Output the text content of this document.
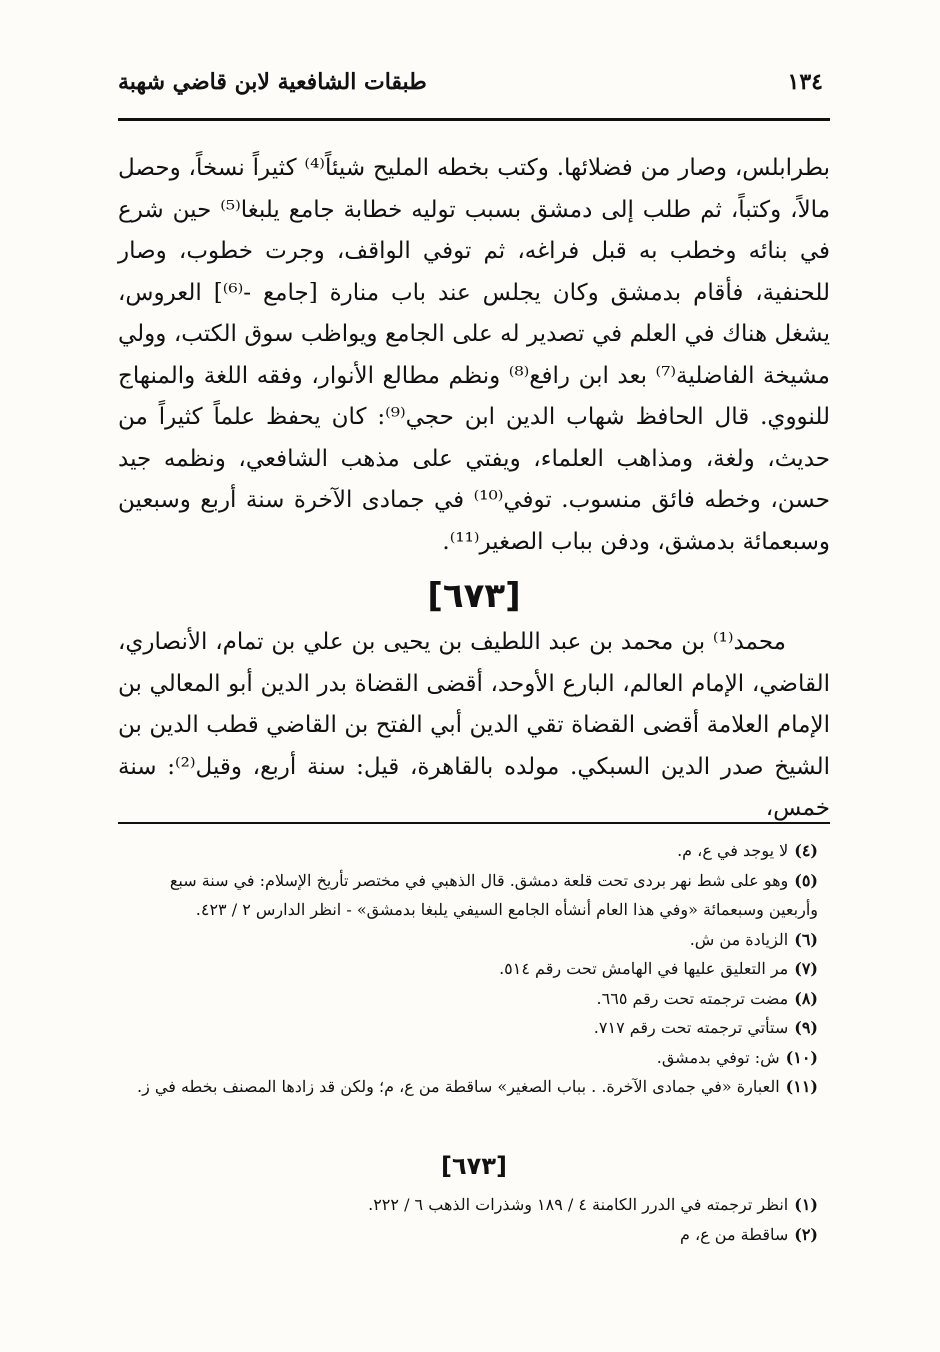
١٣٤
طبقات الشافعية لابن قاضي شهبة

بطرابلس، وصار من فضلائها. وكتب بخطه المليح شيئاً⁽⁴⁾ كثيراً نسخاً، وحصل مالاً، وكتباً، ثم طلب إلى دمشق بسبب توليه خطابة جامع يلبغا⁽⁵⁾ حين شرع في بنائه وخطب به قبل فراغه، ثم توفي الواقف، وجرت خطوب، وصار للحنفية، فأقام بدمشق وكان يجلس عند باب منارة [جامع -⁽⁶⁾] العروس، يشغل هناك في العلم في تصدير له على الجامع ويواظب سوق الكتب، وولي مشيخة الفاضلية⁽⁷⁾ بعد ابن رافع⁽⁸⁾ ونظم مطالع الأنوار، وفقه اللغة والمنهاج للنووي. قال الحافظ شهاب الدين ابن حجي⁽⁹⁾: كان يحفظ علماً كثيراً من حديث، ولغة، ومذاهب العلماء، ويفتي على مذهب الشافعي، ونظمه جيد حسن، وخطه فائق منسوب. توفي⁽¹⁰⁾ في جمادى الآخرة سنة أربع وسبعين وسبعمائة بدمشق، ودفن بباب الصغير⁽¹¹⁾.

[٦٧٣]

محمد⁽¹⁾ بن محمد بن عبد اللطيف بن يحيى بن علي بن تمام، الأنصاري، القاضي، الإمام العالم، البارع الأوحد، أقضى القضاة بدر الدين أبو المعالي بن الإمام العلامة أقضى القضاة تقي الدين أبي الفتح بن القاضي قطب الدين بن الشيخ صدر الدين السبكي. مولده بالقاهرة، قيل: سنة أربع، وقيل⁽²⁾: سنة خمس،

(٤)لا يوجد في ع، م.

(٥)وهو على شط نهر بردى تحت قلعة دمشق. قال الذهبي في مختصر تأريخ الإسلام: في سنة سبع وأربعين وسبعمائة «وفي هذا العام أنشأه الجامع السيفي يلبغا بدمشق» - انظر الدارس ٢ / ٤٢٣.

(٦)الزيادة من ش.

(٧)مر التعليق عليها في الهامش تحت رقم ٥١٤.

(٨)مضت ترجمته تحت رقم ٦٦٥.

(٩)ستأتي ترجمته تحت رقم ٧١٧.

(١٠)ش: توفي بدمشق.

(١١)العبارة «في جمادى الآخرة. . بباب الصغير» ساقطة من ع، م؛ ولكن قد زادها المصنف بخطه في ز.

[٦٧٣]

(١)انظر ترجمته في الدرر الكامنة ٤ / ١٨٩ وشذرات الذهب ٦ / ٢٢٢.

(٢)ساقطة من ع، م
